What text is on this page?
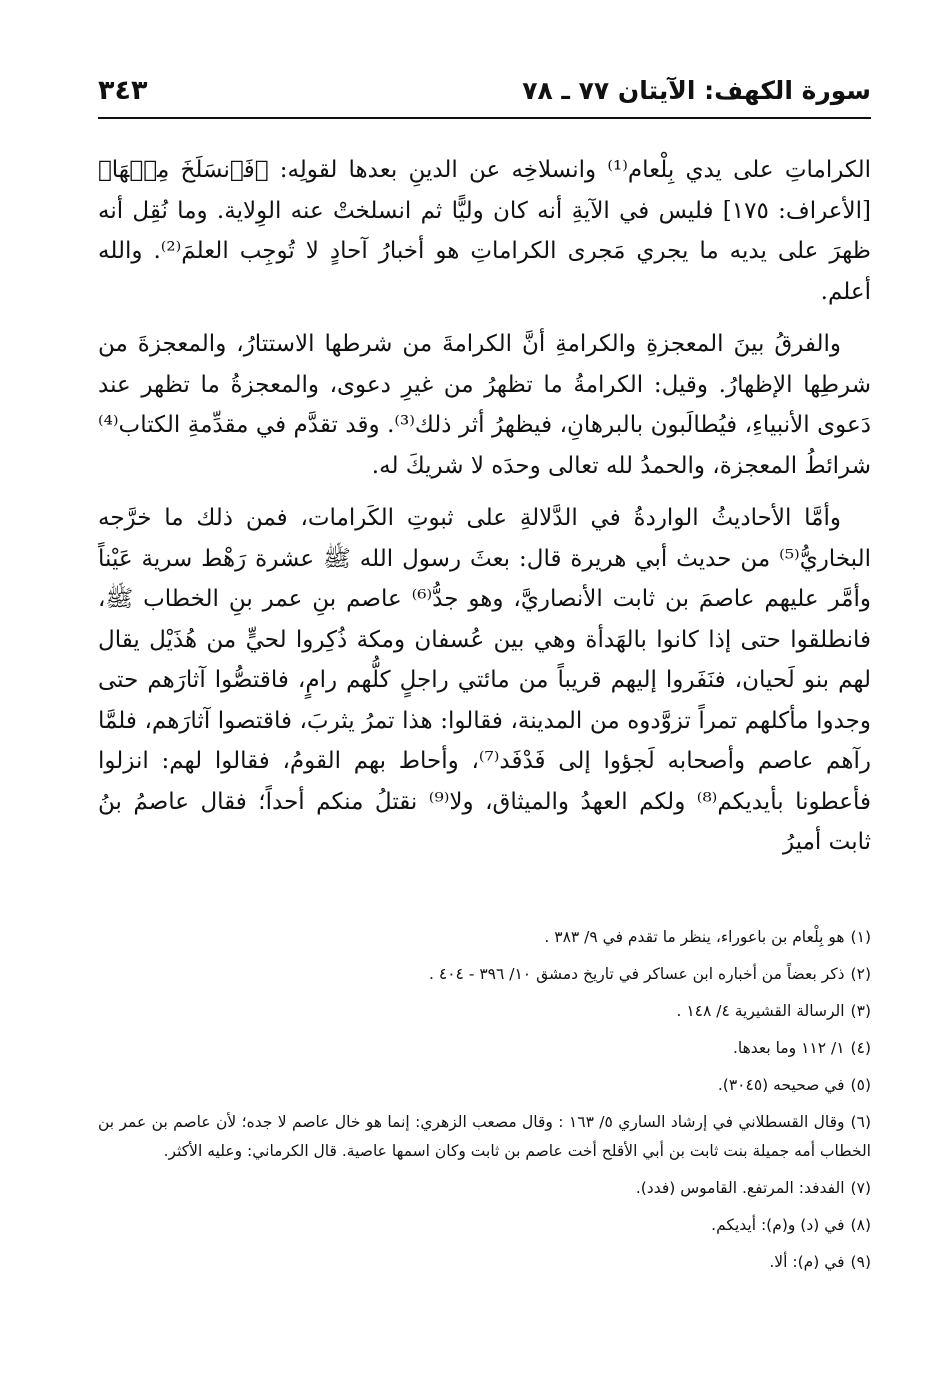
سورة الكهف: الآيتان ٧٧ ـ ٧٨
٣٤٣

الكراماتِ على يدي بِلْعام⁽¹⁾ وانسلاخِه عن الدينِ بعدها لقولِه: ﴿فَٱنسَلَخَ مِنۡهَا﴾ [الأعراف: ١٧٥] فليس في الآيةِ أنه كان وليًّا ثم انسلختْ عنه الوِلاية. وما نُقِل أنه ظهرَ على يديه ما يجري مَجرى الكراماتِ هو أخبارُ آحادٍ لا تُوجِب العلمَ⁽²⁾. والله أعلم.

والفرقُ بينَ المعجزةِ والكرامةِ أنَّ الكرامةَ من شرطها الاستتارُ، والمعجزةَ من شرطِها الإظهارُ. وقيل: الكرامةُ ما تظهرُ من غيرِ دعوى، والمعجزةُ ما تظهر عند دَعوى الأنبياءِ، فيُطالَبون بالبرهانِ، فيظهرُ أثر ذلك⁽³⁾. وقد تقدَّم في مقدِّمةِ الكتاب⁽⁴⁾ شرائطُ المعجزة، والحمدُ لله تعالى وحدَه لا شريكَ له.

وأمَّا الأحاديثُ الواردةُ في الدَّلالةِ على ثبوتِ الكَرامات، فمن ذلك ما خرَّجه البخاريُّ⁽⁵⁾ من حديث أبي هريرة قال: بعثَ رسول الله ﷺ عشرة رَهْط سرية عَيْناً وأمَّر عليهم عاصمَ بن ثابت الأنصاريَّ، وهو جدُّ⁽⁶⁾ عاصم بنِ عمر بنِ الخطاب ﷺ، فانطلقوا حتى إذا كانوا بالهَدأة وهي بين عُسفان ومكة ذُكِروا لحيٍّ من هُذَيْل يقال لهم بنو لَحيان، فنَفَروا إليهم قريباً من مائتي راجلٍ كلُّهم رامٍ، فاقتصُّوا آثارَهم حتى وجدوا مأكلهم تمراً تزوَّدوه من المدينة، فقالوا: هذا تمرُ يثربَ، فاقتصوا آثارَهم، فلمَّا رآهم عاصم وأصحابه لَجؤوا إلى فَدْفَد⁽⁷⁾، وأحاط بهم القومُ، فقالوا لهم: انزلوا فأعطونا بأيديكم⁽⁸⁾ ولكم العهدُ والميثاق، ولا⁽⁹⁾ نقتلُ منكم أحداً؛ فقال عاصمُ بنُ ثابت أميرُ

(١)هو بِلْعام بن باعوراء، ينظر ما تقدم في ٩/ ٣٨٣ .
(٢)ذكر بعضاً من أخباره ابن عساكر في تاريخ دمشق ١٠/ ٣٩٦ - ٤٠٤ .
(٣)الرسالة القشيرية ٤/ ١٤٨ .
(٤)١/ ١١٢ وما بعدها.
(٥)في صحيحه (٣٠٤٥).
(٦)وقال القسطلاني في إرشاد الساري ٥/ ١٦٣ : وقال مصعب الزهري: إنما هو خال عاصم لا جده؛ لأن عاصم بن عمر بن الخطاب أمه جميلة بنت ثابت بن أبي الأقلح أخت عاصم بن ثابت وكان اسمها عاصية. قال الكرماني: وعليه الأكثر.
(٧)الفدفد: المرتفع. القاموس (فدد).
(٨)في (د) و(م): أيديكم.
(٩)في (م): ألا.
